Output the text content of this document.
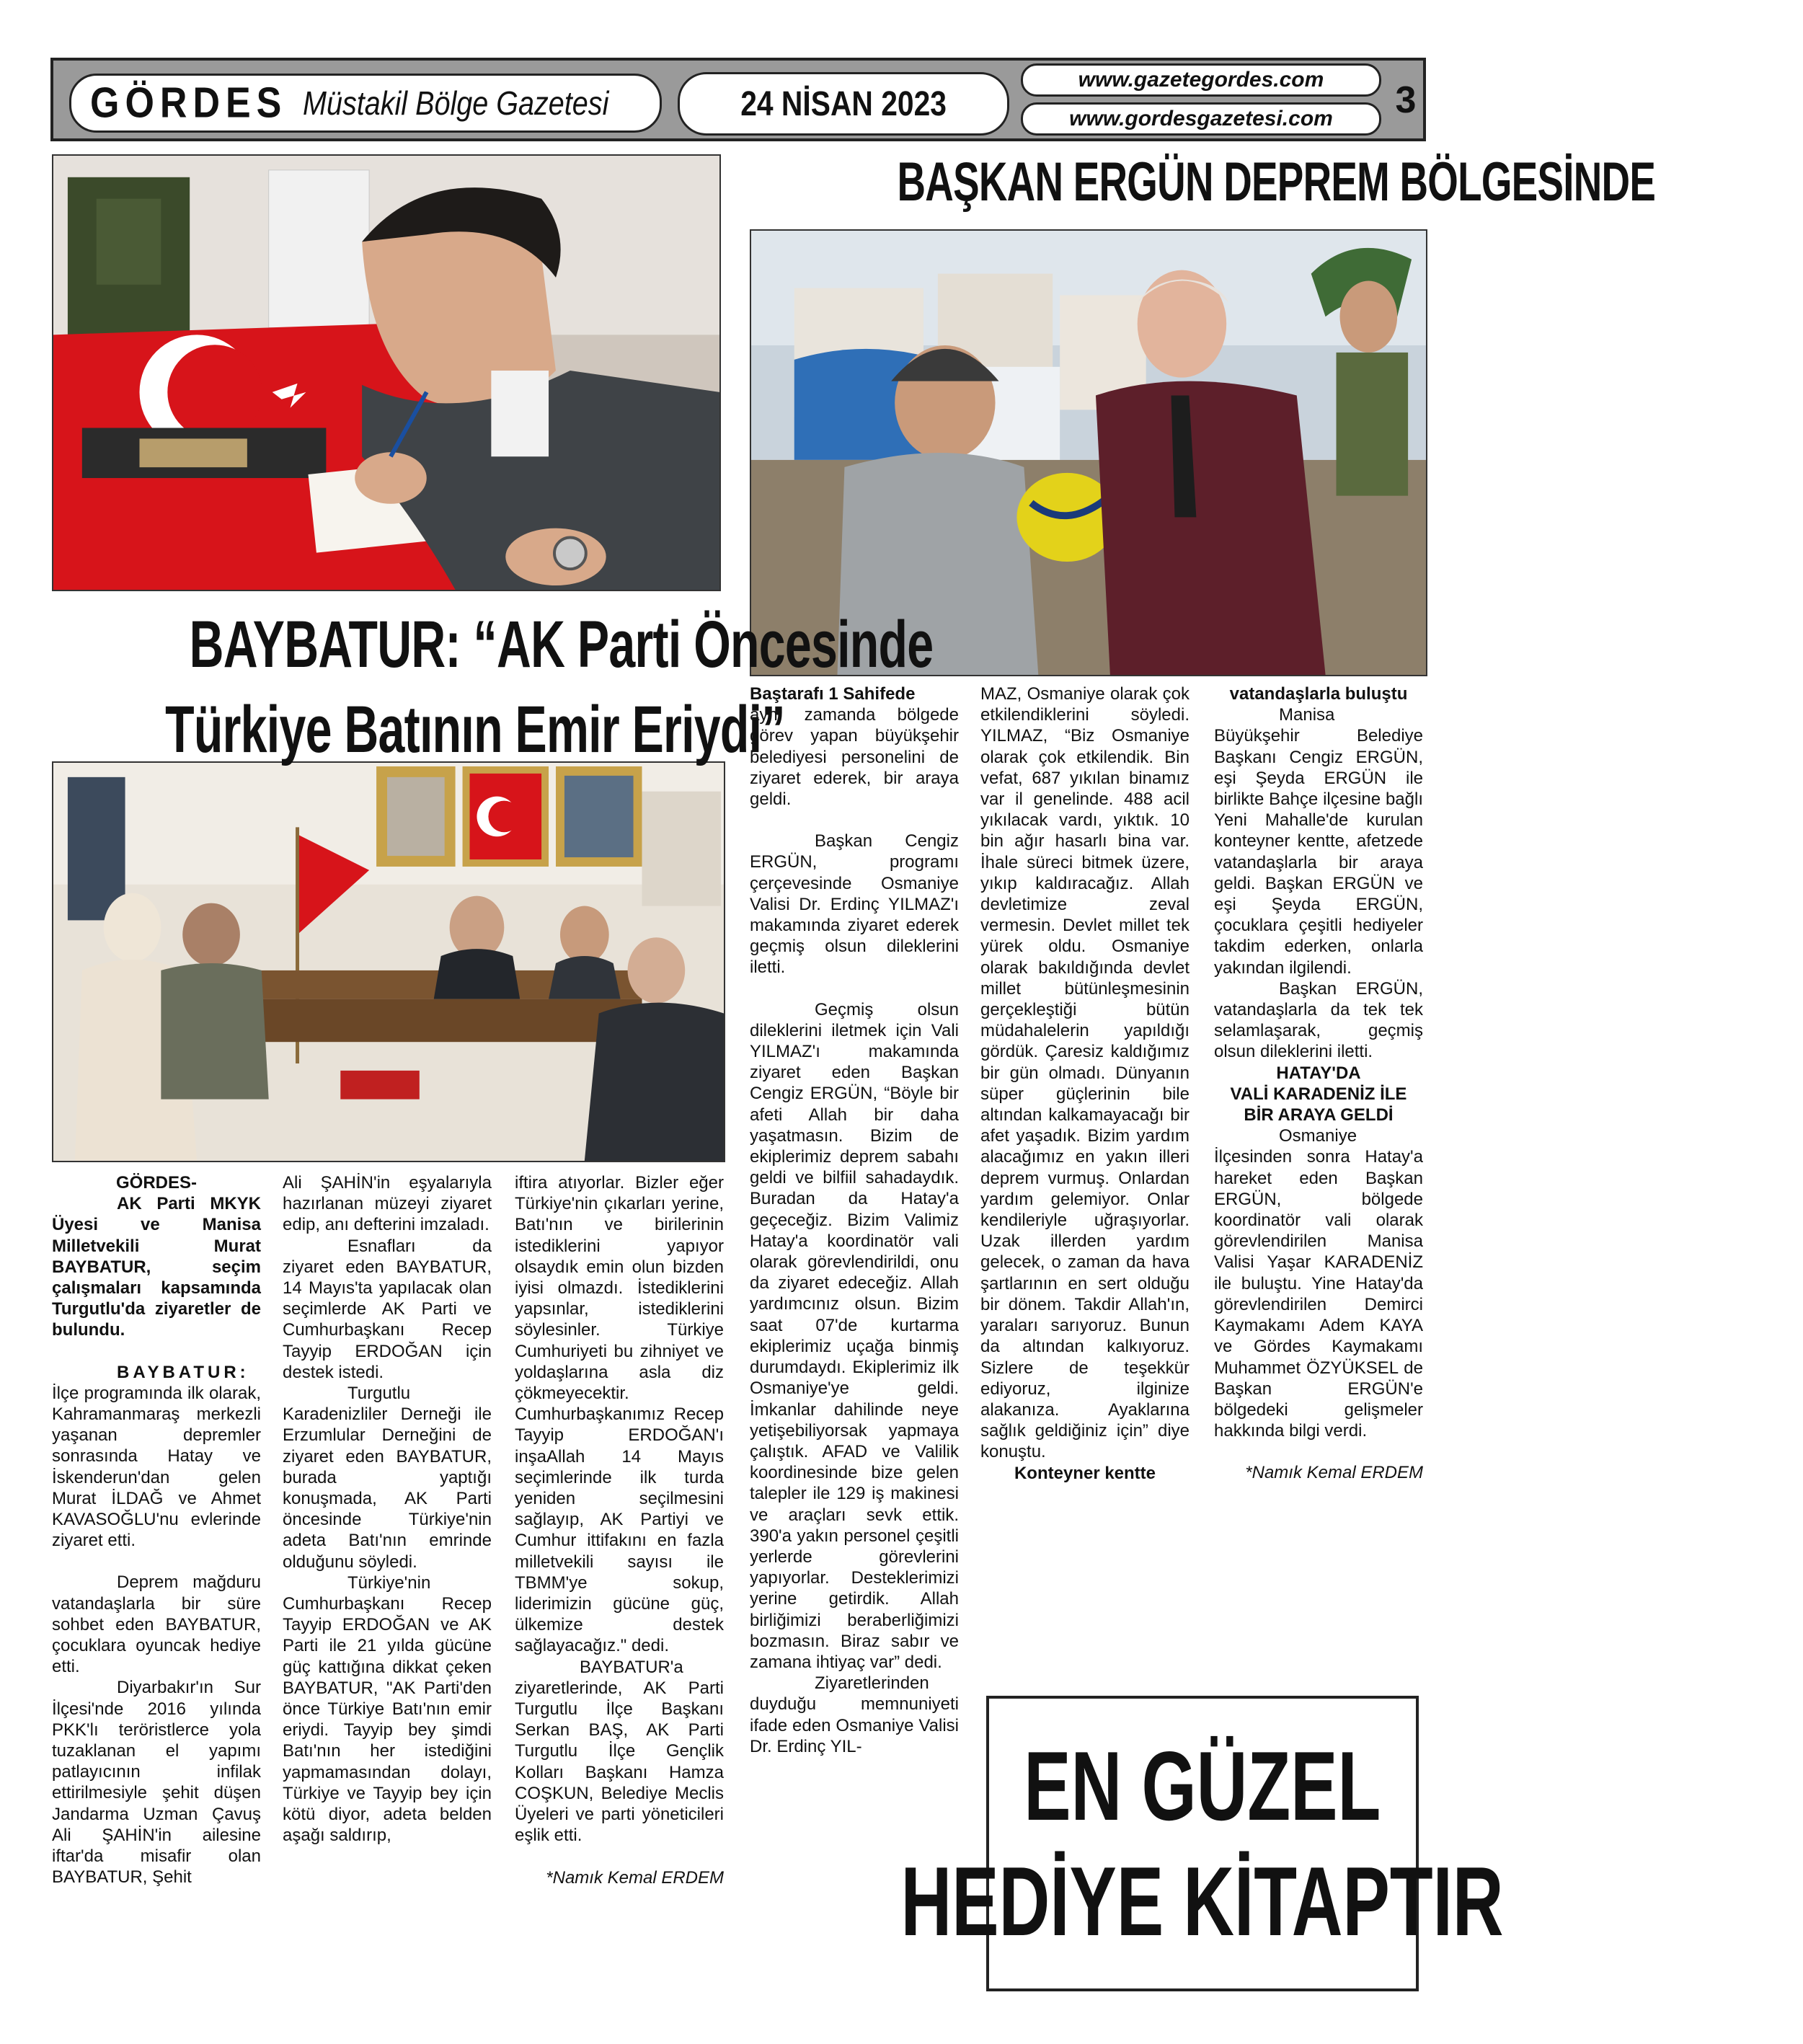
GÖRDES Müstakil Bölge Gazetesi	24 NİSAN 2023
www.gazetegordes.com
www.gordesgazetesi.com	3
BAŞKAN ERGÜN DEPREM BÖLGESİNDE
BAYBATUR: “AK Parti Öncesinde
Türkiye Batının Emir Eriydi”

GÖRDES-

AK Parti MKYK Üyesi ve Manisa Milletvekili Murat BAYBATUR, seçim çalışmaları kapsamında Turgutlu'da ziyaretler de bulundu.

BAYBATUR: İlçe programında ilk olarak, Kahramanmaraş merkezli yaşanan depremler sonrasında Hatay ve İskenderun'dan gelen Murat İLDAĞ ve Ahmet KAVASOĞLU'nu evlerinde ziyaret etti.

Deprem mağduru vatandaşlarla bir süre sohbet eden BAYBATUR, çocuklara oyuncak hediye etti.

Diyarbakır'ın Sur İlçesi'nde 2016 yılında PKK'lı teröristlerce yola tuzaklanan el yapımı patlayıcının infilak ettirilmesiyle şehit düşen Jandarma Uzman Çavuş Ali ŞAHİN'in ailesine iftar'da misafir olan BAYBATUR, Şehit

Ali ŞAHİN'in eşyalarıyla hazırlanan müzeyi ziyaret edip, anı defterini imzaladı.

Esnafları da ziyaret eden BAYBATUR, 14 Mayıs'ta yapılacak olan seçimlerde AK Parti ve Cumhurbaşkanı Recep Tayyip ERDOĞAN için destek istedi.

Turgutlu Karadenizliler Derneği ile Erzumlular Derneğini de ziyaret eden BAYBATUR, burada yaptığı konuşmada, AK Parti öncesinde Türkiye'nin adeta Batı'nın emrinde olduğunu söyledi.

Türkiye'nin Cumhurbaşkanı Recep Tayyip ERDOĞAN ve AK Parti ile 21 yılda gücüne güç kattığına dikkat çeken BAYBATUR, "AK Parti'den önce Türkiye Batı'nın emir eriydi. Tayyip bey şimdi Batı'nın her istediğini yapmamasından dolayı, Türkiye ve Tayyip bey için kötü diyor, adeta belden aşağı saldırıp,

iftira atıyorlar. Bizler eğer Türkiye'nin çıkarları yerine, Batı'nın ve birilerinin istediklerini yapıyor olsaydık emin olun bizden iyisi olmazdı. İstediklerini yapsınlar, istediklerini söylesinler. Türkiye Cumhuriyeti bu zihniyet ve yoldaşlarına asla diz çökmeyecektir. Cumhurbaşkanımız Recep Tayyip ERDOĞAN'ı inşaAllah 14 Mayıs seçimlerinde ilk turda yeniden seçilmesini sağlayıp, AK Partiyi ve Cumhur ittifakını en fazla milletvekili sayısı ile TBMM'ye sokup, liderimizin gücüne güç, ülkemize destek sağlayacağız." dedi.

BAYBATUR'a ziyaretlerinde, AK Parti Turgutlu İlçe Başkanı Serkan BAŞ, AK Parti Turgutlu İlçe Gençlik Kolları Başkanı Hamza COŞKUN, Belediye Meclis Üyeleri ve parti yöneticileri eşlik etti.

*Namık Kemal ERDEM

Baştarafı 1 Sahifede

aynı zamanda bölgede görev yapan büyükşehir belediyesi personelini de ziyaret ederek, bir araya geldi.

Başkan Cengiz ERGÜN, programı çerçevesinde Osmaniye Valisi Dr. Erdinç YILMAZ'ı makamında ziyaret ederek geçmiş olsun dileklerini iletti.

Geçmiş olsun dileklerini iletmek için Vali YILMAZ'ı makamında ziyaret eden Başkan Cengiz ERGÜN, “Böyle bir afeti Allah bir daha yaşatmasın. Bizim de ekiplerimiz deprem sabahı geldi ve bilfiil sahadaydık. Buradan da Hatay'a geçeceğiz. Bizim Valimiz Hatay'a koordinatör vali olarak görevlendirildi, onu da ziyaret edeceğiz. Allah yardımcınız olsun. Bizim saat 07'de kurtarma ekiplerimiz uçağa binmiş durumdaydı. Ekiplerimiz ilk Osmaniye'ye geldi. İmkanlar dahilinde neye yetişebiliyorsak yapmaya çalıştık. AFAD ve Valilik koordinesinde bize gelen talepler ile 129 iş makinesi ve araçları sevk ettik. 390'a yakın personel çeşitli yerlerde görevlerini yapıyorlar. Desteklerimizi yerine getirdik. Allah birliğimizi beraberliğimizi bozmasın. Biraz sabır ve zamana ihtiyaç var” dedi.

Ziyaretlerinden duyduğu memnuniyeti ifade eden Osmaniye Valisi Dr. Erdinç YIL-

MAZ, Osmaniye olarak çok etkilendiklerini söyledi. YILMAZ, “Biz Osmaniye olarak çok etkilendik. Bin vefat, 687 yıkılan binamız var il genelinde. 488 acil yıkılacak vardı, yıktık. 10 bin ağır hasarlı bina var. İhale süreci bitmek üzere, yıkıp kaldıracağız. Allah devletimize zeval vermesin. Devlet millet tek yürek oldu. Osmaniye olarak bakıldığında devlet millet bütünleşmesinin gerçekleştiği bütün müdahalelerin yapıldığı gördük. Çaresiz kaldığımız bir gün olmadı. Dünyanın süper güçlerinin bile altından kalkamayacağı bir afet yaşadık. Bizim yardım alacağımız en yakın illeri deprem vurmuş. Onlardan yardım gelemiyor. Onlar kendileriyle uğraşıyorlar. Uzak illerden yardım gelecek, o zaman da hava şartlarının en sert olduğu bir dönem. Takdir Allah'ın, yaraları sarıyoruz. Bunun da altından kalkıyoruz. Sizlere de teşekkür ediyoruz, ilginize alakanıza. Ayaklarına sağlık geldiğiniz için” diye konuştu.

Konteyner kentte

vatandaşlarla buluştu

Manisa Büyükşehir Belediye Başkanı Cengiz ERGÜN, eşi Şeyda ERGÜN ile birlikte Bahçe ilçesine bağlı Yeni Mahalle'de kurulan konteyner kentte, afetzede vatandaşlarla bir araya geldi. Başkan ERGÜN ve eşi Şeyda ERGÜN, çocuklara çeşitli hediyeler takdim ederken, onlarla yakından ilgilendi.

Başkan ERGÜN, vatandaşlarla da tek tek selamlaşarak, geçmiş olsun dileklerini iletti.

HATAY'DA

VALİ KARADENİZ İLE

BİR ARAYA GELDİ

Osmaniye İlçesinden sonra Hatay'a hareket eden Başkan ERGÜN, bölgede koordinatör vali olarak görevlendirilen Manisa Valisi Yaşar KARADENİZ ile buluştu. Yine Hatay'da görevlendirilen Demirci Kaymakamı Adem KAYA ve Gördes Kaymakamı Muhammet ÖZYÜKSEL de Başkan ERGÜN'e bölgedeki gelişmeler hakkında bilgi verdi.

*Namık Kemal ERDEM

EN GÜZEL
HEDİYE KİTAPTIR
